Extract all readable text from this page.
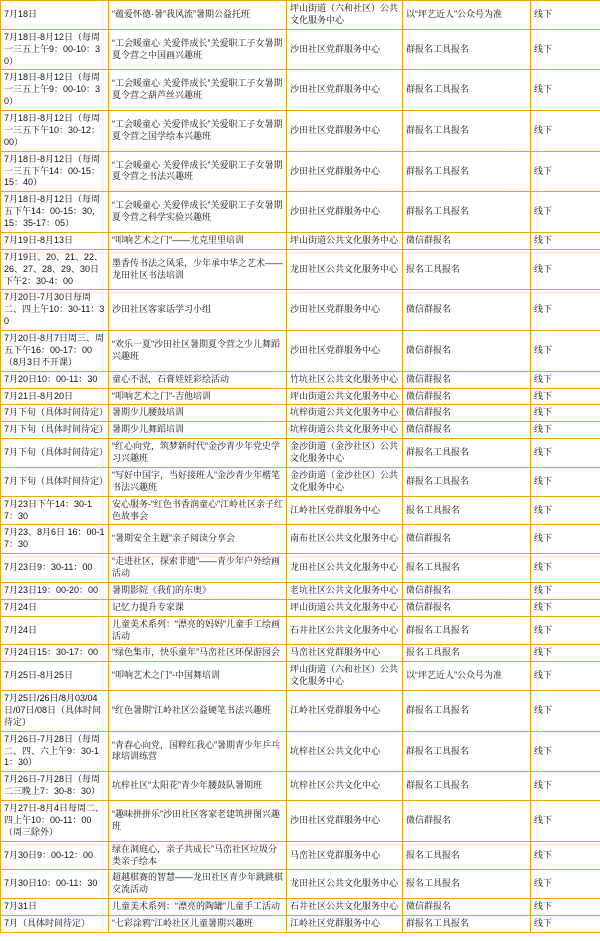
7月18日	“蕴爱怀德·暑”我风流”暑期公益托班	坪山街道（六和社区）公共文化服务中心	以“坪艺近人”公众号为准	线下
7月18日-8月12日（每周一三五上午9：00-10：30）	“工会暖童心 关爱伴成长”关爱职工子女暑期夏令营之中国画兴趣班	沙田社区党群服务中心	群报名工具报名	线下
7月18日-8月12日（每周一三五上午9：00-10：30）	“工会暖童心 关爱伴成长”关爱职工子女暑期夏令营之葫芦丝兴趣班	沙田社区党群服务中心	群报名工具报名	线下
7月18日-8月12日（每周一三五下午10：30-12：00）	“工会暖童心 关爱伴成长”关爱职工子女暑期夏令营之国学绘本兴趣班	沙田社区党群服务中心	群报名工具报名	线下
7月18日-8月12日（每周一三五下午14：00-15：15：40）	“工会暖童心 关爱伴成长”关爱职工子女暑期夏令营之书法兴趣班	沙田社区党群服务中心	群报名工具报名	线下
7月18日-8月12日（每周五下午14：00-15：30，15：35-17：05）	“工会暖童心 关爱伴成长”关爱职工子女暑期夏令营之科学实验兴趣班	沙田社区党群服务中心	群报名工具报名	线下
7月19日-8月13日	“叩响艺术之门”——尤克里里培训	坪山街道公共文化服务中心	微信群报名	线下
7月19日、20、21、22、26、27、28、29、30日下午2：30-4：00	墨香传书法之风采，少年承中华之艺术——龙田社区书法培训	龙田社区公共文化服务中心	报名工具报名	线下
7月20日-7月30日每周二、四上午10：30-11：30	沙田社区客家话学习小组	沙田社区党群服务中心	微信群报名	线下
7月20日-8月7日周三、周五下午16：00-17：00（8月3日不开课）	“欢乐一夏”沙田社区暑期夏令营之少儿舞蹈兴趣班	沙田社区党群服务中心	微信群报名	线下
7月20日10：00-11：30	童心不泯，石膏娃娃彩绘活动	竹坑社区公共文化服务中心	微信群报名	线下
7月21日-8月20日	“叩响艺术之门”-吉他培训	坪山街道公共文化服务中心	微信群报名	线下
7月下旬（具体时间待定）	暑期少儿腰鼓培训	坑梓街道公共文化服务中心	微信群报名	线下
7月下旬（具体时间待定）	暑期少儿舞蹈培训	坑梓街道公共文化服务中心	微信群报名	线下
7月下旬（具体时间待定）	“红心向党，筑梦新时代”金沙青少年党史学习兴趣班	金沙街道（金沙社区）公共文化服务中心	群报名工具报名	线下
7月下旬（具体时间待定）	“写好中国字，当好接班人”金沙青少年楷笔书法兴趣班	金沙街道（金沙社区）公共文化服务中心	群报名工具报名	线下
7月23日下午14：30-17：30	安心服务-“红色书香润童心”江岭社区亲子红色故事会	江岭社区党群服务中心	报名工具报名	线下
7月23、8月6日 16：00-17：30	“暑期安全主题”亲子阅读分享会	南布社区公共文化服务中心	微信群报名	线下
7月23日9：30-11：00	“走进社区，探索非遗”——青少年户外绘画活动	龙田社区公共文化服务中心	报名工具报名	线下
7月23日19：00-20：00	暑期影院《我们的东奥》	老坑社区公共文化服务中心	微信群报名	线下
7月24日	记忆力提升专家课	坪山街道公共文化服务中心	微信群报名	线下
7月24日	儿童美术系列：“漂亮的妈妈”儿童手工绘画活动	石井社区公共文化服务中心	群报名工具报名	线下
7月24日15：30-17：00	“绿色集市，快乐童年”马峦社区环保游园会	马峦社区党群服务中心	报名工具报名	线下
7月25日-8月25日	“叩响艺术之门”-中国舞培训	坪山街道（六和社区）公共文化服务中心	以“坪艺近人”公众号为准	线下
7月25日/26日/8月03/04日/07日/08日（具体时间待定）	“红色暑期”江岭社区公益硬笔书法兴趣班	江岭社区党群服务中心	群报名工具报名	线下
7月26日-7月28日（每周二、四、六上午9：30-11：30）	“青春心向党，国粹红我心”暑期青少年乒乓球培训练营	坑梓社区公共文化中心	群报名工具报名	线下
7月26日-7月28日（每周二三晚上7：30-8：30）	坑梓社区“太阳花”青少年腰鼓队暑期班	坑梓社区公共文化中心	群报名工具报名	线下
7月27日-8月4日每周二、四上午10：00-11：00（周三除外）	“趣味拼拼乐”沙田社区客家老建筑拼图兴趣班	沙田社区党群服务中心	微信群报名	线下
7月30日9：00-12：00	绿在洞庭心，亲子共成长”马峦社区垃圾分类亲子绘本	马峦社区党群服务中心	报名工具报名	线下
7月30日10：00-11：30	超越棋赛的智慧——龙田社区青少年跳跳棋交流活动	龙田社区公共文化服务中心	报名工具报名	线下
7月31日	儿童美术系列：“漂亮的陶罐”儿童手工活动	石井社区公共文化服务中心	微信群报名	线下
7月（具体时间待定）	“七彩涂鸦”江岭社区儿童暑期兴趣班	江岭社区党群服务中心	群报名工具报名	线下
